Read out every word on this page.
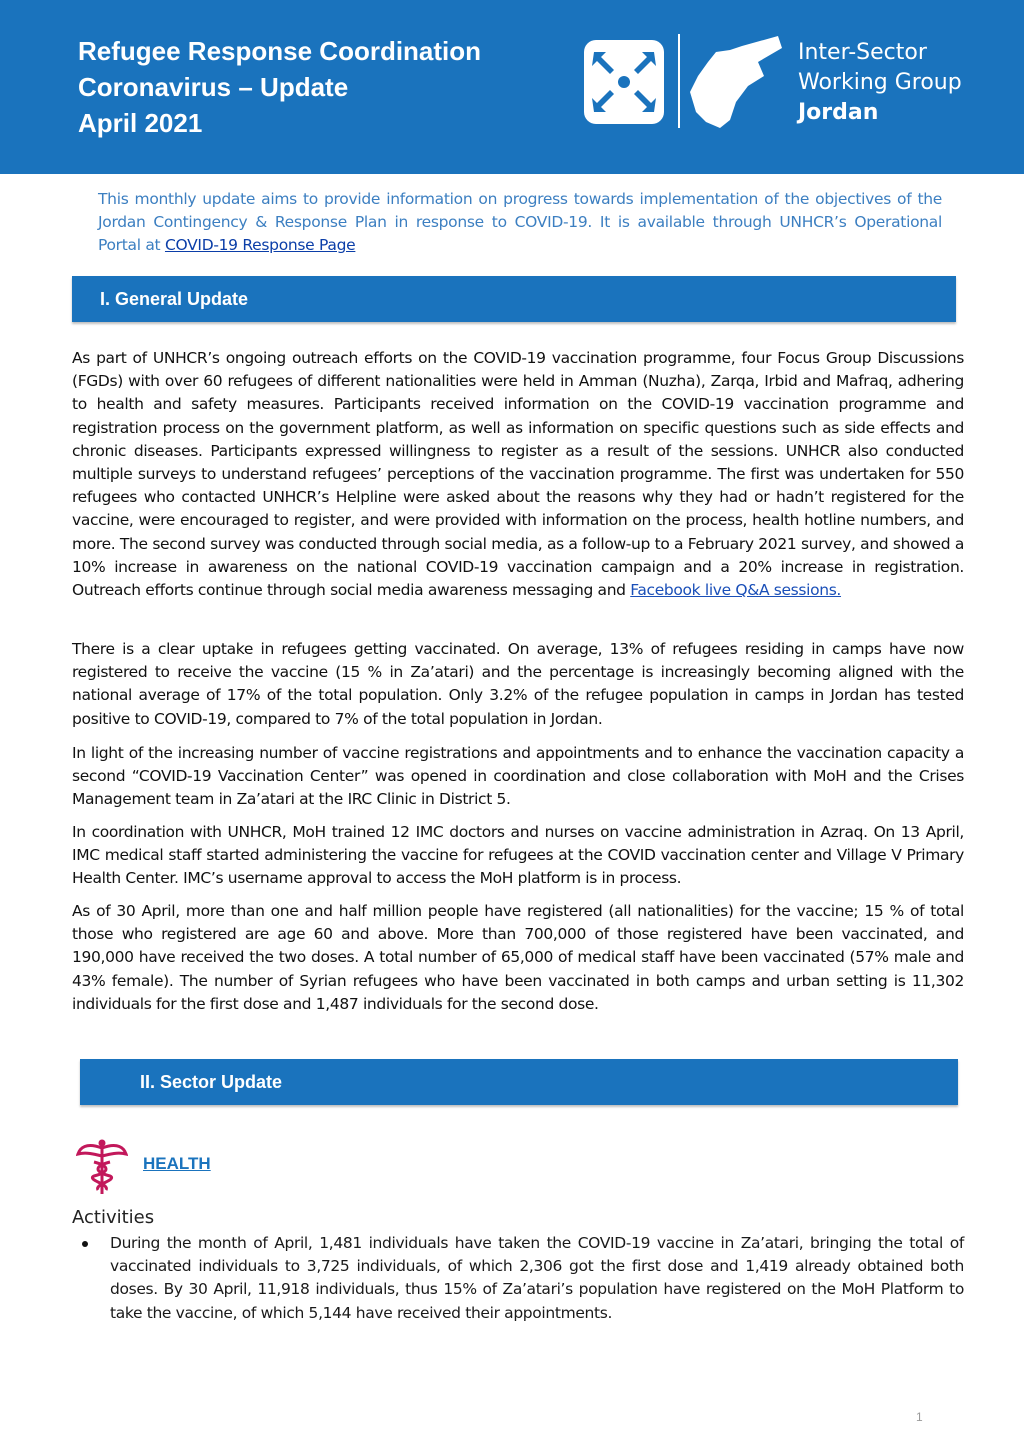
Refugee Response Coordination
Coronavirus – Update
April 2021
Inter-Sector
Working Group
Jordan
This monthly update aims to provide information on progress towards implementation of the objectives of the Jordan Contingency & Response Plan in response to COVID-19. It is available through UNHCR’s Operational Portal at COVID-19 Response Page
I. General Update
As part of UNHCR’s ongoing outreach efforts on the COVID-19 vaccination programme, four Focus Group Discussions (FGDs) with over 60 refugees of different nationalities were held in Amman (Nuzha), Zarqa, Irbid and Mafraq, adhering to health and safety measures. Participants received information on the COVID-19 vaccination programme and registration process on the government platform, as well as information on specific questions such as side effects and chronic diseases. Participants expressed willingness to register as a result of the sessions. UNHCR also conducted multiple surveys to understand refugees’ perceptions of the vaccination programme. The first was undertaken for 550 refugees who contacted UNHCR’s Helpline were asked about the reasons why they had or hadn’t registered for the vaccine, were encouraged to register, and were provided with information on the process, health hotline numbers, and more. The second survey was conducted through social media, as a follow-up to a February 2021 survey, and showed a 10% increase in awareness on the national COVID-19 vaccination campaign and a 20% increase in registration. Outreach efforts continue through social media awareness messaging and Facebook live Q&A sessions.
There is a clear uptake in refugees getting vaccinated. On average, 13% of refugees residing in camps have now registered to receive the vaccine (15 % in Za’atari) and the percentage is increasingly becoming aligned with the national average of 17% of the total population. Only 3.2% of the refugee population in camps in Jordan has tested positive to COVID-19, compared to 7% of the total population in Jordan.
In light of the increasing number of vaccine registrations and appointments and to enhance the vaccination capacity a second “COVID-19 Vaccination Center” was opened in coordination and close collaboration with MoH and the Crises Management team in Za’atari at the IRC Clinic in District 5.
In coordination with UNHCR, MoH trained 12 IMC doctors and nurses on vaccine administration in Azraq. On 13 April, IMC medical staff started administering the vaccine for refugees at the COVID vaccination center and Village V Primary Health Center. IMC’s username approval to access the MoH platform is in process.
As of 30 April, more than one and half million people have registered (all nationalities) for the vaccine; 15 % of total those who registered are age 60 and above. More than 700,000 of those registered have been vaccinated, and 190,000 have received the two doses. A total number of 65,000 of medical staff have been vaccinated (57% male and 43% female). The number of Syrian refugees who have been vaccinated in both camps and urban setting is 11,302 individuals for the first dose and 1,487 individuals for the second dose.
II. Sector Update
HEALTH
Activities
During the month of April, 1,481 individuals have taken the COVID-19 vaccine in Za’atari, bringing the total of vaccinated individuals to 3,725 individuals, of which 2,306 got the first dose and 1,419 already obtained both doses. By 30 April, 11,918 individuals, thus 15% of Za’atari’s population have registered on the MoH Platform to take the vaccine, of which 5,144 have received their appointments.
1
